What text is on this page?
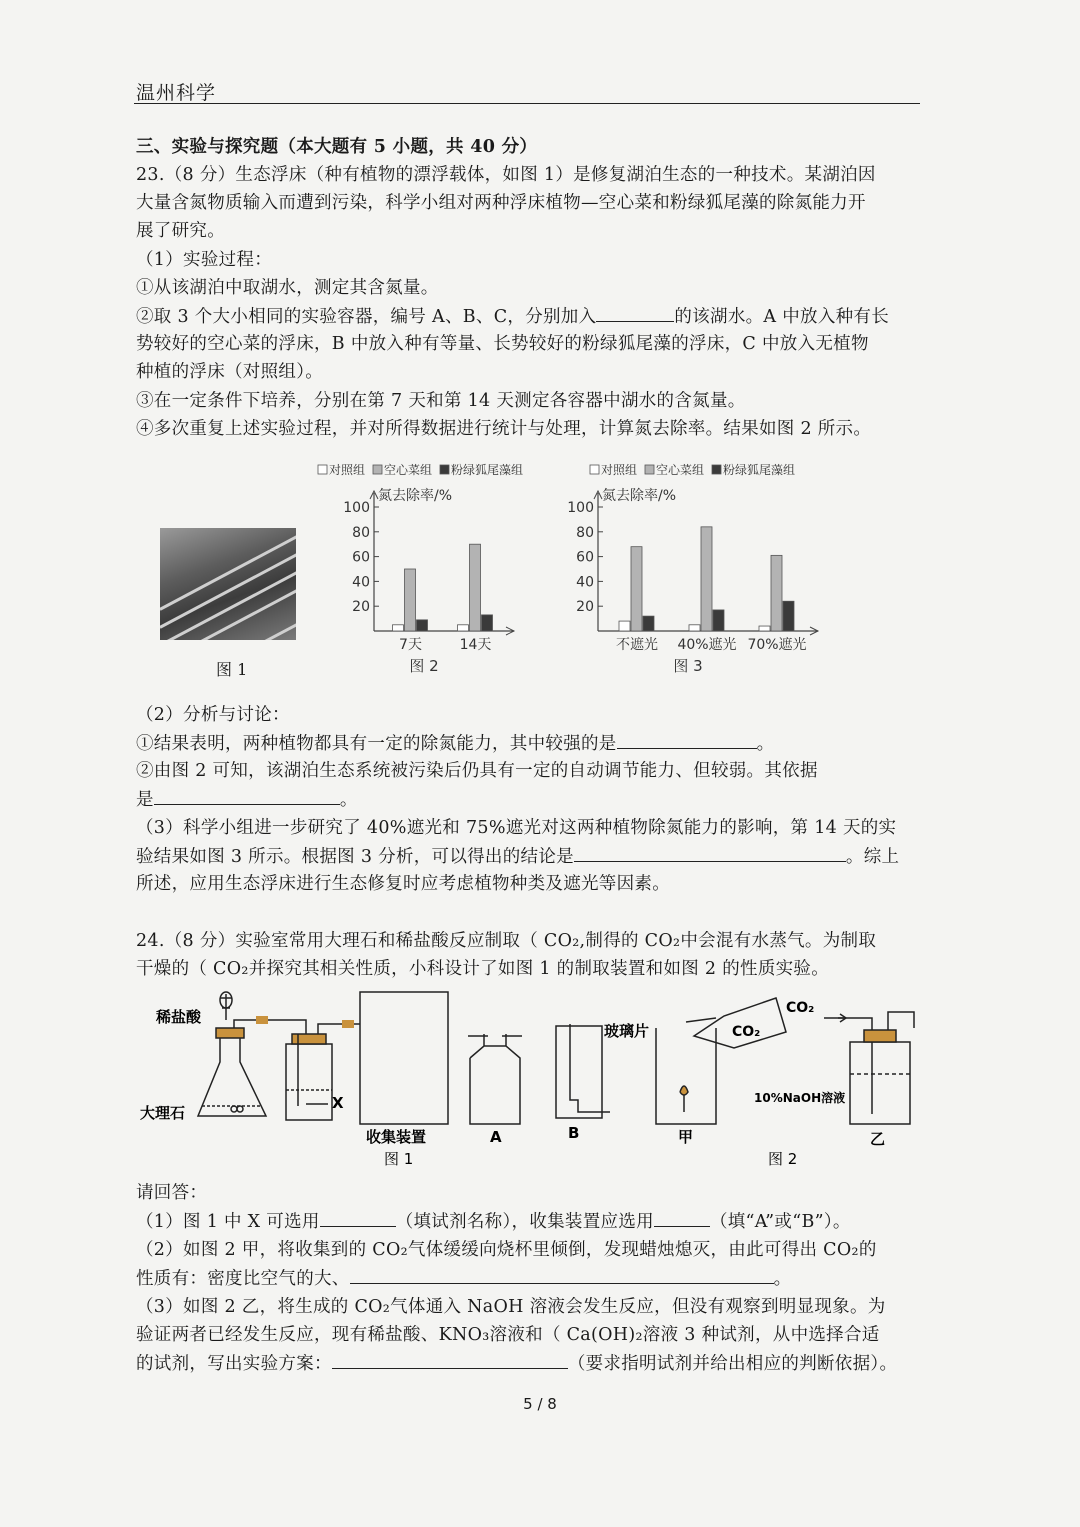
温州科学
三、实验与探究题（本大题有 5 小题，共 40 分）
23.（8 分）生态浮床（种有植物的漂浮载体，如图 1）是修复湖泊生态的一种技术。某湖泊因
大量含氮物质输入而遭到污染，科学小组对两种浮床植物—空心菜和粉绿狐尾藻的除氮能力开
展了研究。
（1）实验过程：
①从该湖泊中取湖水，测定其含氮量。
②取 3 个大小相同的实验容器，编号 A、B、C，分别加入	的该湖水。A 中放入种有长
势较好的空心菜的浮床，B 中放入种有等量、长势较好的粉绿狐尾藻的浮床，C 中放入无植物
种植的浮床（对照组）。
③在一定条件下培养，分别在第 7 天和第 14 天测定各容器中湖水的含氮量。
④多次重复上述实验过程，并对所得数据进行统计与处理，计算氮去除率。结果如图 2 所示。
图 1
对照组 空心菜组 粉绿狐尾藻组
氮去除率/%
20
40
60
80
100
7天	14天
图 2
对照组 空心菜组 粉绿狐尾藻组
氮去除率/%
20
40
60
80
100
不遮光 40%遮光 70%遮光
图 3
（2）分析与讨论：
①结果表明，两种植物都具有一定的除氮能力，其中较强的是	。
②由图 2 可知，该湖泊生态系统被污染后仍具有一定的自动调节能力、但较弱。其依据
是	。
（3）科学小组进一步研究了 40%遮光和 75%遮光对这两种植物除氮能力的影响，第 14 天的实
验结果如图 3 所示。根据图 3 分析，可以得出的结论是	。综上
所述，应用生态浮床进行生态修复时应考虑植物种类及遮光等因素。
24.（8 分）实验室常用大理石和稀盐酸反应制取（ CO₂,制得的 CO₂中会混有水蒸气。为制取
干燥的（ CO₂并探究其相关性质，小科设计了如图 1 的制取装置和如图 2 的性质实验。
稀盐酸
大理石
X
收集装置	A	B
玻璃片	CO₂
甲
CO₂
10%NaOH溶液
乙
图 1	图 2
请回答：
（1）图 1 中 X 可选用	（填试剂名称），收集装置应选用	（填“A”或“B”）。
（2）如图 2 甲，将收集到的 CO₂气体缓缓向烧杯里倾倒，发现蜡烛熄灭，由此可得出 CO₂的
性质有：密度比空气的大、	。
（3）如图 2 乙，将生成的 CO₂气体通入 NaOH 溶液会发生反应，但没有观察到明显现象。为
验证两者已经发生反应，现有稀盐酸、KNO₃溶液和（ Ca(OH)₂溶液 3 种试剂，从中选择合适
的试剂，写出实验方案：	（要求指明试剂并给出相应的判断依据）。
5 / 8
